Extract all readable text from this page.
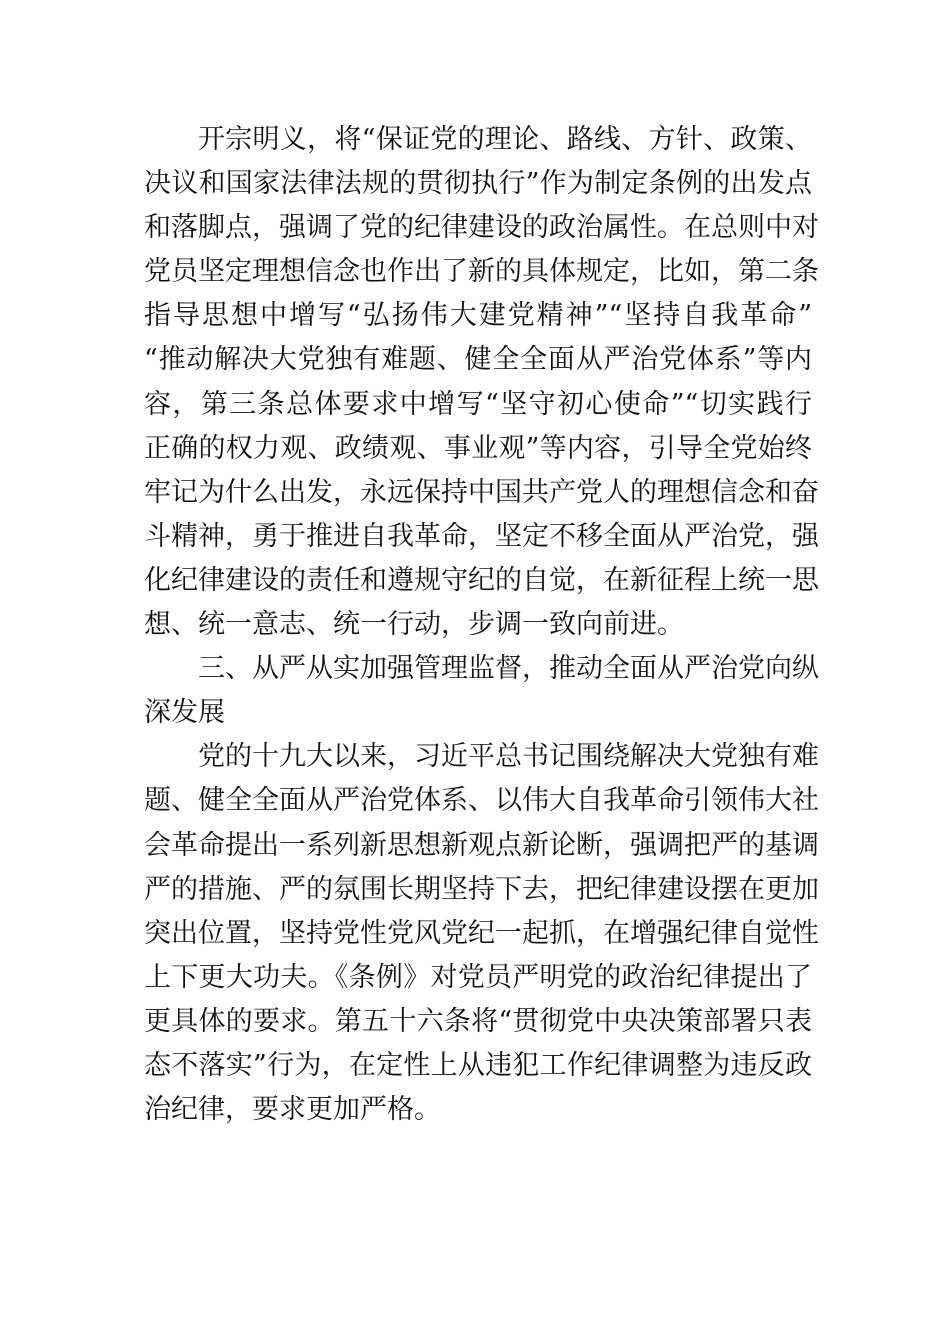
开宗明义，将“保证党的理论、路线、方针、政策、
决议和国家法律法规的贯彻执行”作为制定条例的出发点
和落脚点，强调了党的纪律建设的政治属性。在总则中对
党员坚定理想信念也作出了新的具体规定，比如，第二条
指导思想中增写“弘扬伟大建党精神”“坚持自我革命”
“推动解决大党独有难题、健全全面从严治党体系”等内
容，第三条总体要求中增写“坚守初心使命”“切实践行
正确的权力观、政绩观、事业观”等内容，引导全党始终
牢记为什么出发，永远保持中国共产党人的理想信念和奋
斗精神，勇于推进自我革命，坚定不移全面从严治党，强
化纪律建设的责任和遵规守纪的自觉，在新征程上统一思
想、统一意志、统一行动，步调一致向前进。
三、从严从实加强管理监督，推动全面从严治党向纵
深发展
党的十九大以来，习近平总书记围绕解决大党独有难
题、健全全面从严治党体系、以伟大自我革命引领伟大社
会革命提出一系列新思想新观点新论断，强调把严的基调
严的措施、严的氛围长期坚持下去，把纪律建设摆在更加
突出位置，坚持党性党风党纪一起抓，在增强纪律自觉性
上下更大功夫。《条例》对党员严明党的政治纪律提出了
更具体的要求。第五十六条将“贯彻党中央决策部署只表
态不落实”行为，在定性上从违犯工作纪律调整为违反政
治纪律，要求更加严格。
